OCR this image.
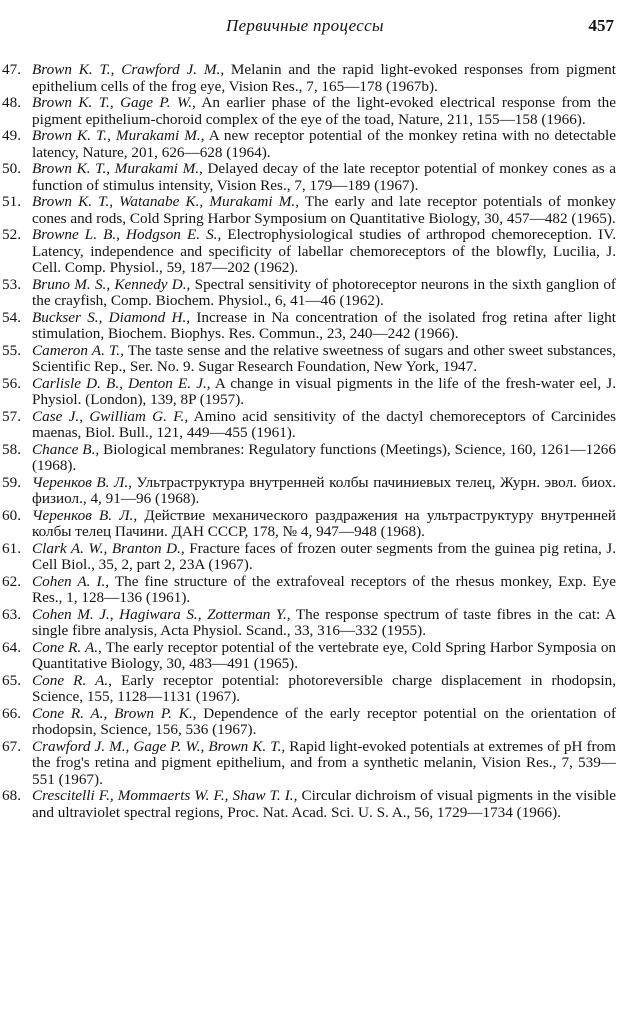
Первичные процессы	457
47. Brown K. T., Crawford J. M., Melanin and the rapid light-evoked responses from pigment epithelium cells of the frog eye, Vision Res., 7, 165—178 (1967b).
48. Brown K. T., Gage P. W., An earlier phase of the light-evoked electrical response from the pigment epithelium-choroid complex of the eye of the toad, Nature, 211, 155—158 (1966).
49. Brown K. T., Murakami M., A new receptor potential of the monkey retina with no detectable latency, Nature, 201, 626—628 (1964).
50. Brown K. T., Murakami M., Delayed decay of the late receptor potential of monkey cones as a function of stimulus intensity, Vision Res., 7, 179—189 (1967).
51. Brown K. T., Watanabe K., Murakami M., The early and late receptor potentials of monkey cones and rods, Cold Spring Harbor Symposium on Quantitative Biology, 30, 457—482 (1965).
52. Browne L. B., Hodgson E. S., Electrophysiological studies of arthropod chemoreception. IV. Latency, independence and specificity of labellar chemoreceptors of the blowfly, Lucilia, J. Cell. Comp. Physiol., 59, 187—202 (1962).
53. Bruno M. S., Kennedy D., Spectral sensitivity of photoreceptor neurons in the sixth ganglion of the crayfish, Comp. Biochem. Physiol., 6, 41—46 (1962).
54. Buckser S., Diamond H., Increase in Na concentration of the isolated frog retina after light stimulation, Biochem. Biophys. Res. Commun., 23, 240—242 (1966).
55. Cameron A. T., The taste sense and the relative sweetness of sugars and other sweet substances, Scientific Rep., Ser. No. 9. Sugar Research Foundation, New York, 1947.
56. Carlisle D. B., Denton E. J., A change in visual pigments in the life of the fresh-water eel, J. Physiol. (London), 139, 8P (1957).
57. Case J., Gwilliam G. F., Amino acid sensitivity of the dactyl chemoreceptors of Carcinides maenas, Biol. Bull., 121, 449—455 (1961).
58. Chance B., Biological membranes: Regulatory functions (Meetings), Science, 160, 1261—1266 (1968).
59. Черенков В. Л., Ультраструктура внутренней колбы пачиниевых телец, Журн. эвол. биох. физиол., 4, 91—96 (1968).
60. Черенков В. Л., Действие механического раздражения на ультраструктуру внутренней колбы телец Пачини. ДАН СССР, 178, № 4, 947—948 (1968).
61. Clark A. W., Branton D., Fracture faces of frozen outer segments from the guinea pig retina, J. Cell Biol., 35, 2, part 2, 23A (1967).
62. Cohen A. I., The fine structure of the extrafoveal receptors of the rhesus monkey, Exp. Eye Res., 1, 128—136 (1961).
63. Cohen M. J., Hagiwara S., Zotterman Y., The response spectrum of taste fibres in the cat: A single fibre analysis, Acta Physiol. Scand., 33, 316—332 (1955).
64. Cone R. A., The early receptor potential of the vertebrate eye, Cold Spring Harbor Symposia on Quantitative Biology, 30, 483—491 (1965).
65. Cone R. A., Early receptor potential: photoreversible charge displacement in rhodopsin, Science, 155, 1128—1131 (1967).
66. Cone R. A., Brown P. K., Dependence of the early receptor potential on the orientation of rhodopsin, Science, 156, 536 (1967).
67. Crawford J. M., Gage P. W., Brown K. T., Rapid light-evoked potentials at extremes of pH from the frog's retina and pigment epithelium, and from a synthetic melanin, Vision Res., 7, 539—551 (1967).
68. Crescitelli F., Mommaerts W. F., Shaw T. I., Circular dichroism of visual pigments in the visible and ultraviolet spectral regions, Proc. Nat. Acad. Sci. U. S. A., 56, 1729—1734 (1966).
